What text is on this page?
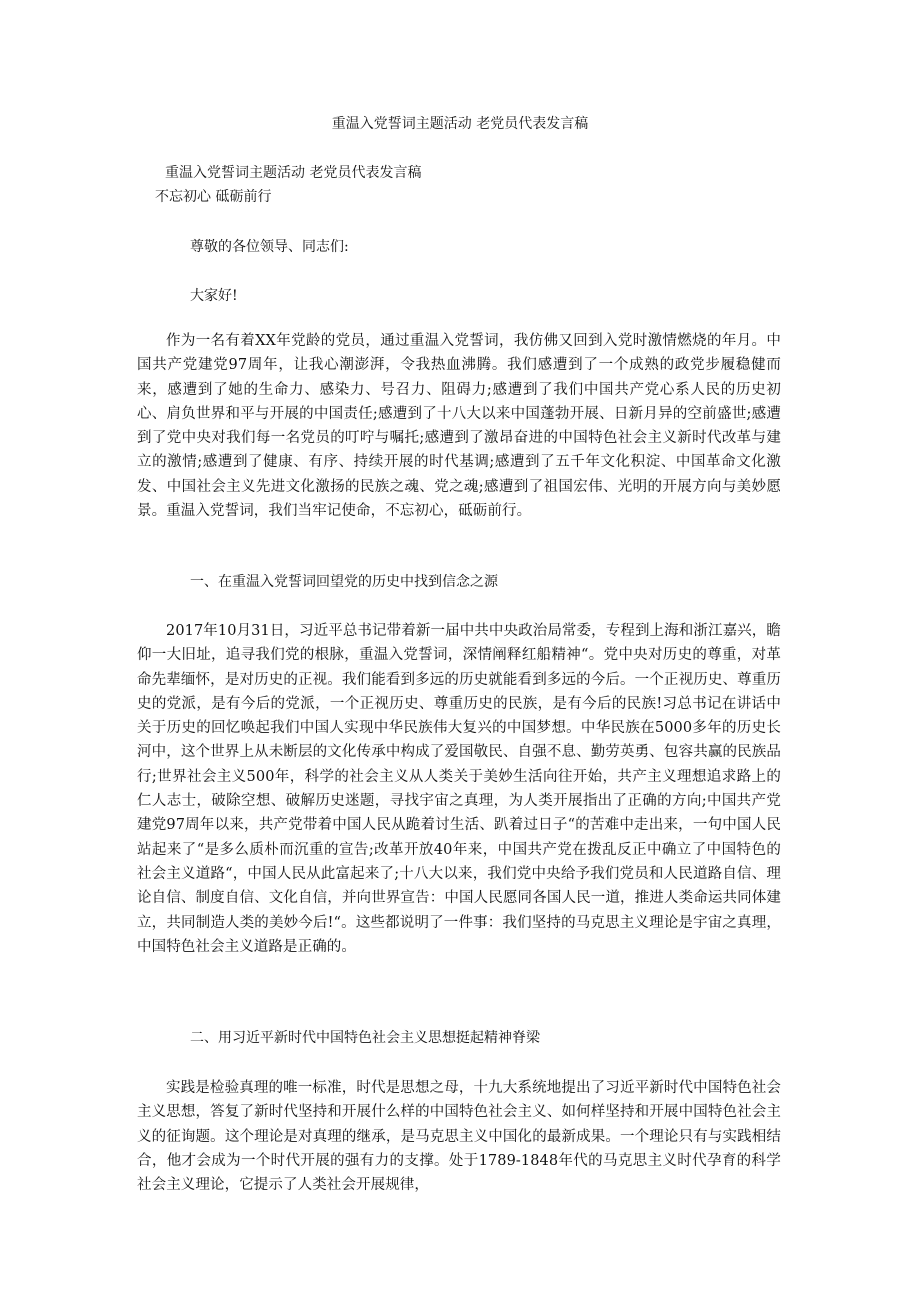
重温入党誓词主题活动 老党员代表发言稿
重温入党誓词主题活动 老党员代表发言稿
不忘初心 砥砺前行
尊敬的各位领导、同志们:
大家好!
作为一名有着XX年党龄的党员，通过重温入党誓词，我仿佛又回到入党时激情燃烧的年月。中国共产党建党97周年，让我心潮澎湃，令我热血沸腾。我们感遭到了一个成熟的政党步履稳健而来，感遭到了她的生命力、感染力、号召力、阻碍力;感遭到了我们中国共产党心系人民的历史初心、肩负世界和平与开展的中国责任;感遭到了十八大以来中国蓬勃开展、日新月异的空前盛世;感遭到了党中央对我们每一名党员的叮咛与嘱托;感遭到了激昂奋进的中国特色社会主义新时代改革与建立的激情;感遭到了健康、有序、持续开展的时代基调;感遭到了五千年文化积淀、中国革命文化激发、中国社会主义先进文化激扬的民族之魂、党之魂;感遭到了祖国宏伟、光明的开展方向与美妙愿景。重温入党誓词，我们当牢记使命，不忘初心，砥砺前行。
一、在重温入党誓词回望党的历史中找到信念之源
2017年10月31日，习近平总书记带着新一届中共中央政治局常委，专程到上海和浙江嘉兴，瞻仰一大旧址，追寻我们党的根脉，重温入党誓词，深情阐释红船精神“。党中央对历史的尊重，对革命先辈缅怀，是对历史的正视。我们能看到多远的历史就能看到多远的今后。一个正视历史、尊重历史的党派，是有今后的党派，一个正视历史、尊重历史的民族，是有今后的民族!习总书记在讲话中关于历史的回忆唤起我们中国人实现中华民族伟大复兴的中国梦想。中华民族在5000多年的历史长河中，这个世界上从未断层的文化传承中构成了爱国敬民、自强不息、勤劳英勇、包容共赢的民族品行;世界社会主义500年，科学的社会主义从人类关于美妙生活向往开始，共产主义理想追求路上的仁人志士，破除空想、破解历史迷题，寻找宇宙之真理，为人类开展指出了正确的方向;中国共产党建党97周年以来，共产党带着中国人民从跪着讨生活、趴着过日子“的苦难中走出来，一句中国人民站起来了“是多么质朴而沉重的宣告;改革开放40年来，中国共产党在拨乱反正中确立了中国特色的社会主义道路“，中国人民从此富起来了;十八大以来，我们党中央给予我们党员和人民道路自信、理论自信、制度自信、文化自信，并向世界宣告：中国人民愿同各国人民一道，推进人类命运共同体建立，共同制造人类的美妙今后!“。这些都说明了一件事：我们坚持的马克思主义理论是宇宙之真理，中国特色社会主义道路是正确的。
二、用习近平新时代中国特色社会主义思想挺起精神脊梁
实践是检验真理的唯一标准，时代是思想之母，十九大系统地提出了习近平新时代中国特色社会主义思想，答复了新时代坚持和开展什么样的中国特色社会主义、如何样坚持和开展中国特色社会主义的征询题。这个理论是对真理的继承，是马克思主义中国化的最新成果。一个理论只有与实践相结合，他才会成为一个时代开展的强有力的支撑。处于1789-1848年代的马克思主义时代孕育的科学社会主义理论，它提示了人类社会开展规律，
